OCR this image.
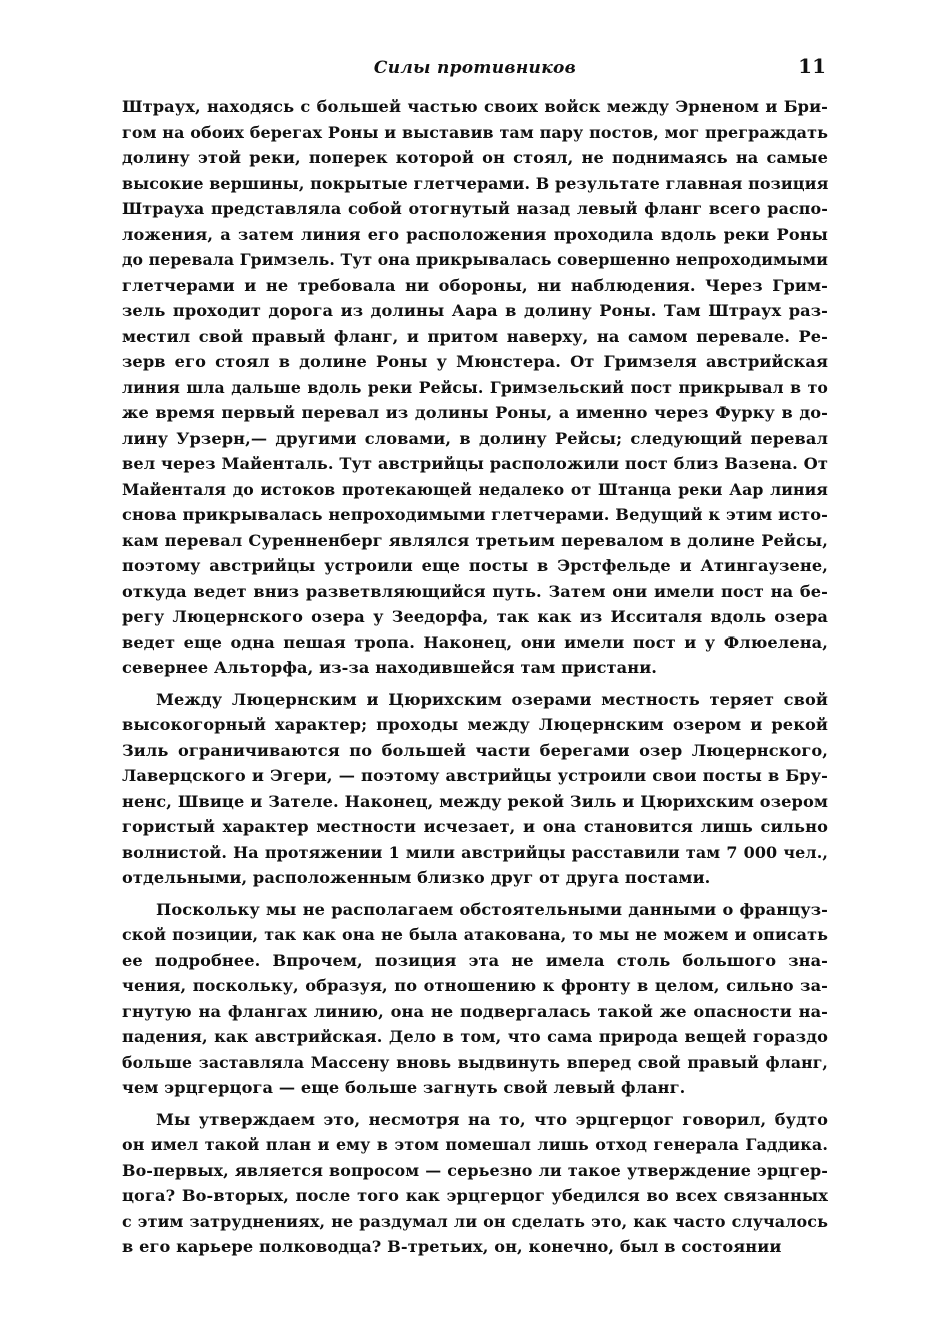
Силы противников	11
Штраух, находясь с большей частью своих войск между Эрненом и Бри-
гом на обоих берегах Роны и выставив там пару постов, мог преграждать
долину этой реки, поперек которой он стоял, не поднимаясь на самые
высокие вершины, покрытые глетчерами. В результате главная позиция
Штрауха представляла собой отогнутый назад левый фланг всего распо-
ложения, а затем линия его расположения проходила вдоль реки Роны
до перевала Гримзель. Тут она прикрывалась совершенно непроходимыми
глетчерами и не требовала ни обороны, ни наблюдения. Через Грим-
зель проходит дорога из долины Аара в долину Роны. Там Штраух раз-
местил свой правый фланг, и притом наверху, на самом перевале. Ре-
зерв его стоял в долине Роны у Мюнстера. От Гримзеля австрийская
линия шла дальше вдоль реки Рейсы. Гримзельский пост прикрывал в то
же время первый перевал из долины Роны, а именно через Фурку в до-
лину Урзерн,— другими словами, в долину Рейсы; следующий перевал
вел через Майенталь. Тут австрийцы расположили пост близ Вазена. От
Майенталя до истоков протекающей недалеко от Штанца реки Аар линия
снова прикрывалась непроходимыми глетчерами. Ведущий к этим исто-
кам перевал Суренненберг являлся третьим перевалом в долине Рейсы,
поэтому австрийцы устроили еще посты в Эрстфельде и Атингаузене,
откуда ведет вниз разветвляющийся путь. Затем они имели пост на бе-
регу Люцернского озера у Зеедорфа, так как из Исситаля вдоль озера
ведет еще одна пешая тропа. Наконец, они имели пост и у Флюелена,
севернее Альторфа, из-за находившейся там пристани.
Между Люцернским и Цюрихским озерами местность теряет свой
высокогорный характер; проходы между Люцернским озером и рекой
Зиль ограничиваются по большей части берегами озер Люцернского,
Лаверцского и Эгери, — поэтому австрийцы устроили свои посты в Бру-
ненс, Швице и Зателе. Наконец, между рекой Зиль и Цюрихским озером
гористый характер местности исчезает, и она становится лишь сильно
волнистой. На протяжении 1 мили австрийцы расставили там 7 000 чел.,
отдельными, расположенным близко друг от друга постами.
Поскольку мы не располагаем обстоятельными данными о француз-
ской позиции, так как она не была атакована, то мы не можем и описать
ее подробнее. Впрочем, позиция эта не имела столь большого зна-
чения, поскольку, образуя, по отношению к фронту в целом, сильно за-
гнутую на флангах линию, она не подвергалась такой же опасности на-
падения, как австрийская. Дело в том, что сама природа вещей гораздо
больше заставляла Массену вновь выдвинуть вперед свой правый фланг,
чем эрцгерцога — еще больше загнуть свой левый фланг.
Мы утверждаем это, несмотря на то, что эрцгерцог говорил, будто
он имел такой план и ему в этом помешал лишь отход генерала Гаддика.
Во-первых, является вопросом — серьезно ли такое утверждение эрцгер-
цога? Во-вторых, после того как эрцгерцог убедился во всех связанных
с этим затруднениях, не раздумал ли он сделать это, как часто случалось
в его карьере полководца? В-третьих, он, конечно, был в состоянии
